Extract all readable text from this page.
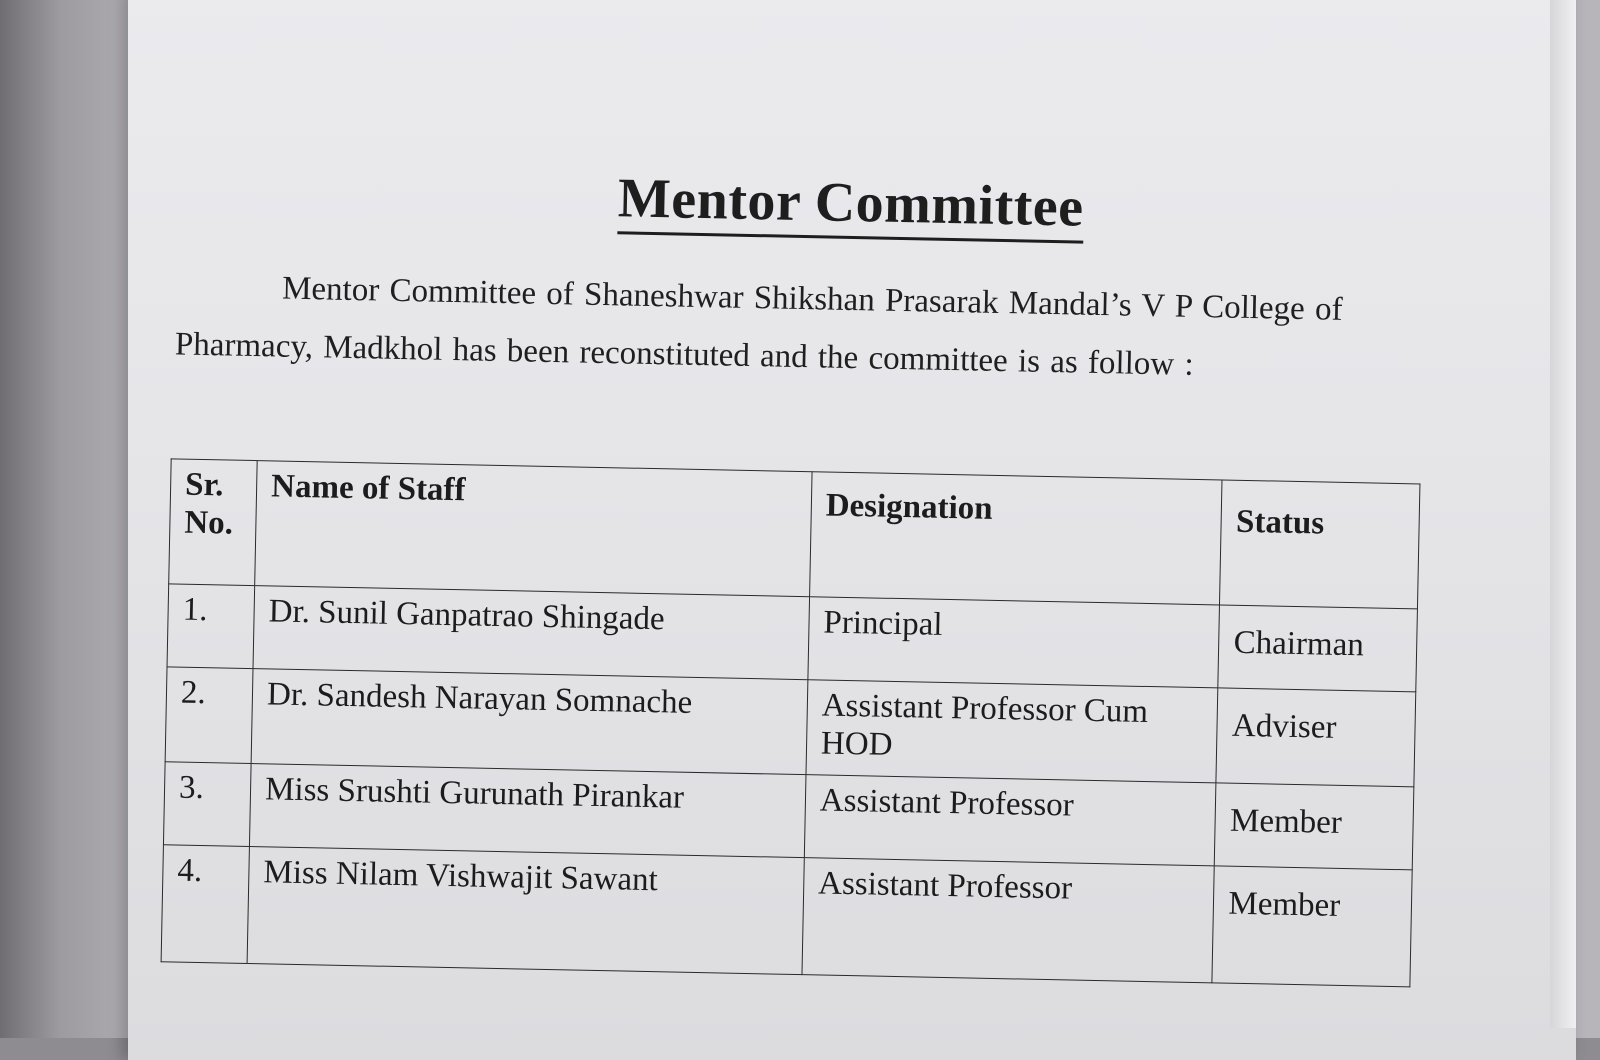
Mentor Committee
Mentor Committee of Shaneshwar Shikshan Prasarak Mandal’s V P College of Pharmacy, Madkhol has been reconstituted and the committee is as follow :
Sr. No.	Name of Staff	Designation	Status
1.	Dr. Sunil Ganpatrao Shingade	Principal	Chairman
2.	Dr. Sandesh Narayan Somnache	Assistant Professor Cum HOD	Adviser
3.	Miss Srushti Gurunath Pirankar	Assistant Professor	Member
4.	Miss Nilam Vishwajit Sawant	Assistant Professor	Member
